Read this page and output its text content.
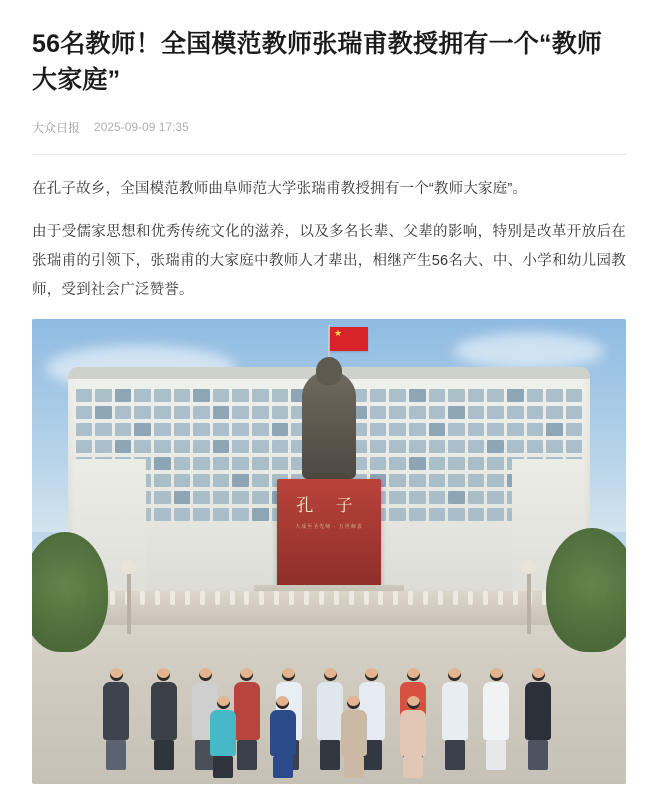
56名教师！全国模范教师张瑞甫教授拥有一个“教师大家庭”
大众日报 2025-09-09 17:35

在孔子故乡，全国模范教师曲阜师范大学张瑞甫教授拥有一个“教师大家庭”。

由于受儒家思想和优秀传统文化的滋养，以及多名长辈、父辈的影响，特别是改革开放后在张瑞甫的引领下，张瑞甫的大家庭中教师人才辈出，相继产生56名大、中、小学和幼儿园教师，受到社会广泛赞誉。

★
孔 子
大成至圣先师 · 万世师表
